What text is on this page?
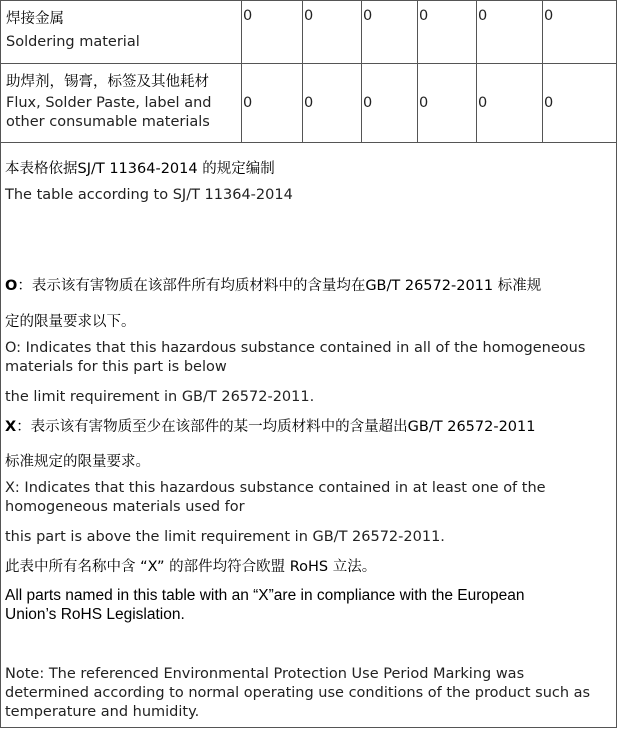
焊接金属
Soldering material	0	0	0	0	0	0

助焊剂，锡膏，标签及其他耗材
Flux, Solder Paste, label and
other consumable materials	0	0	0	0	0	0

本表格依据SJ/T 11364-2014 的规定编制
The table according to SJ/T 11364-2014
O：表示该有害物质在该部件所有均质材料中的含量均在GB/T 26572-2011 标准规
定的限量要求以下。
O: Indicates that this hazardous substance contained in all of the homogeneous
materials for this part is below
the limit requirement in GB/T 26572-2011.
X：表示该有害物质至少在该部件的某一均质材料中的含量超出GB/T 26572-2011
标准规定的限量要求。
X: Indicates that this hazardous substance contained in at least one of the
homogeneous materials used for
this part is above the limit requirement in GB/T 26572-2011.
此表中所有名称中含 “X” 的部件均符合欧盟 RoHS 立法。
All parts named in this table with an “X”are in compliance with the European
Union’s RoHS Legislation.
Note: The referenced Environmental Protection Use Period Marking was
determined according to normal operating use conditions of the product such as
temperature and humidity.
